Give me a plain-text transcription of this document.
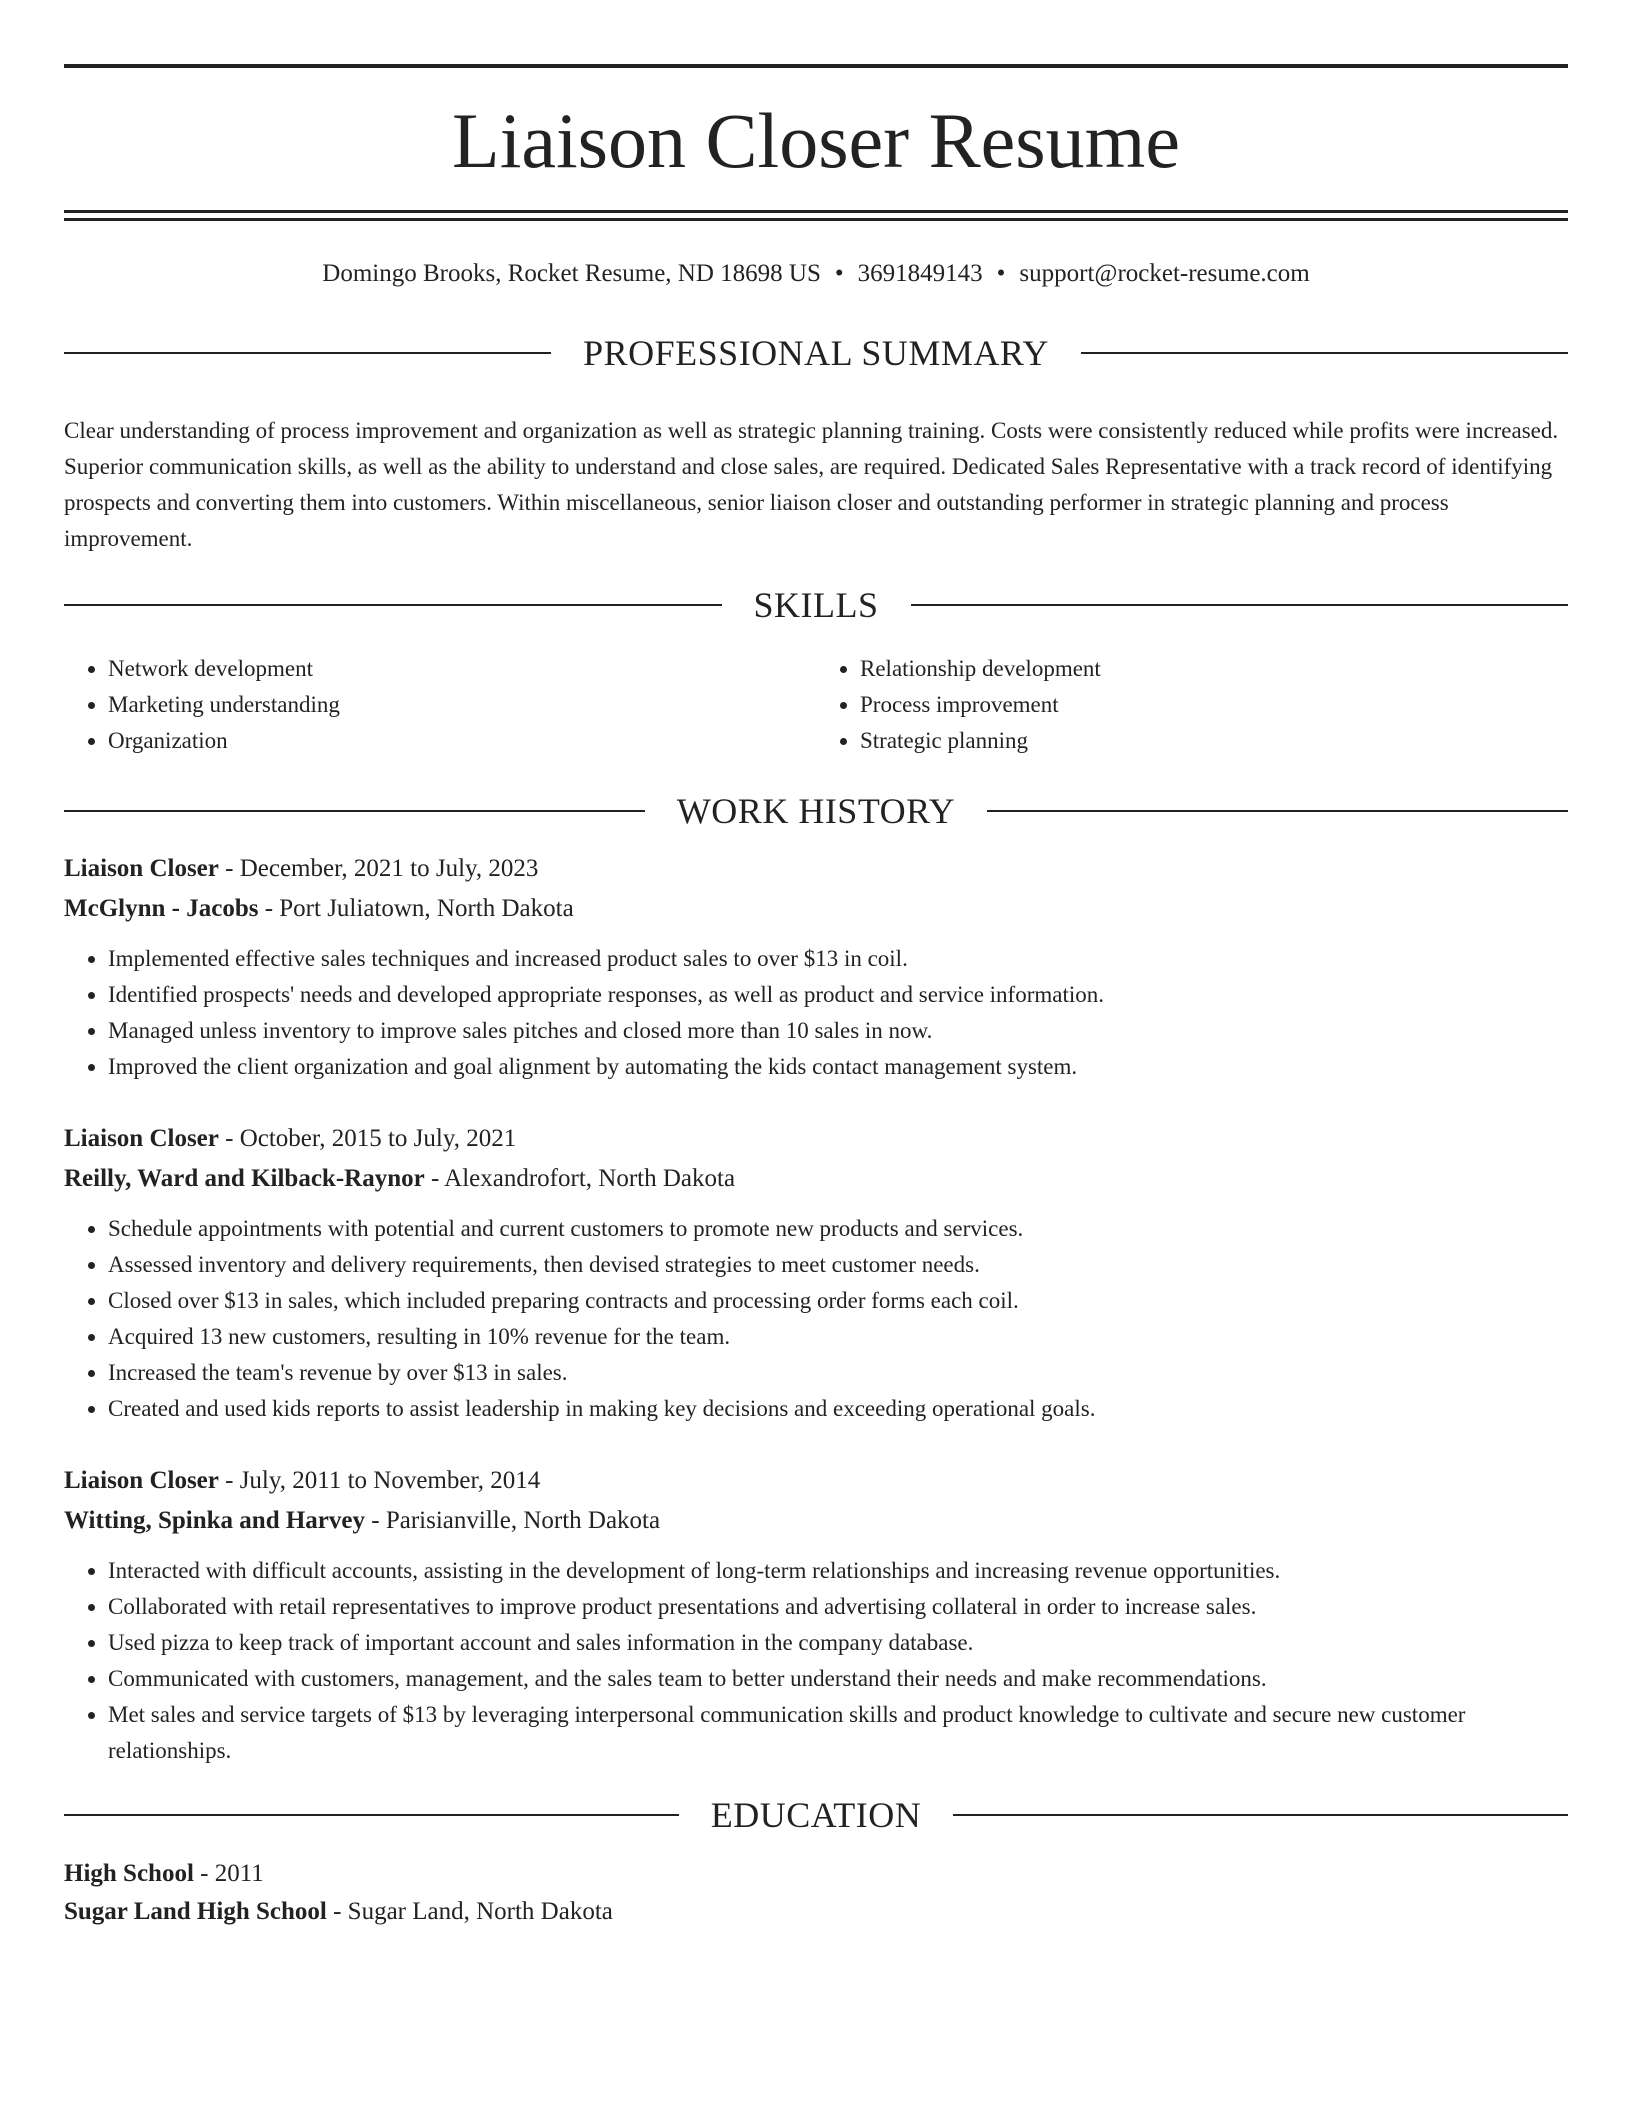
Liaison Closer Resume
Domingo Brooks, Rocket Resume, ND 18698 US • 3691849143 • support@rocket-resume.com
PROFESSIONAL SUMMARY

Clear understanding of process improvement and organization as well as strategic planning training. Costs were consistently reduced while profits were increased. Superior communication skills, as well as the ability to understand and close sales, are required. Dedicated Sales Representative with a track record of identifying prospects and converting them into customers. Within miscellaneous, senior liaison closer and outstanding performer in strategic planning and process improvement.

SKILLS
• Network development
• Marketing understanding
• Organization
• Relationship development
• Process improvement
• Strategic planning
WORK HISTORY
Liaison Closer - December, 2021 to July, 2023
McGlynn - Jacobs - Port Juliatown, North Dakota
• Implemented effective sales techniques and increased product sales to over $13 in coil.
• Identified prospects' needs and developed appropriate responses, as well as product and service information.
• Managed unless inventory to improve sales pitches and closed more than 10 sales in now.
• Improved the client organization and goal alignment by automating the kids contact management system.
Liaison Closer - October, 2015 to July, 2021
Reilly, Ward and Kilback-Raynor - Alexandrofort, North Dakota
• Schedule appointments with potential and current customers to promote new products and services.
• Assessed inventory and delivery requirements, then devised strategies to meet customer needs.
• Closed over $13 in sales, which included preparing contracts and processing order forms each coil.
• Acquired 13 new customers, resulting in 10% revenue for the team.
• Increased the team's revenue by over $13 in sales.
• Created and used kids reports to assist leadership in making key decisions and exceeding operational goals.
Liaison Closer - July, 2011 to November, 2014
Witting, Spinka and Harvey - Parisianville, North Dakota
• Interacted with difficult accounts, assisting in the development of long-term relationships and increasing revenue opportunities.
• Collaborated with retail representatives to improve product presentations and advertising collateral in order to increase sales.
• Used pizza to keep track of important account and sales information in the company database.
• Communicated with customers, management, and the sales team to better understand their needs and make recommendations.
• Met sales and service targets of $13 by leveraging interpersonal communication skills and product knowledge to cultivate and secure new customer relationships.
EDUCATION
High School - 2011
Sugar Land High School - Sugar Land, North Dakota
